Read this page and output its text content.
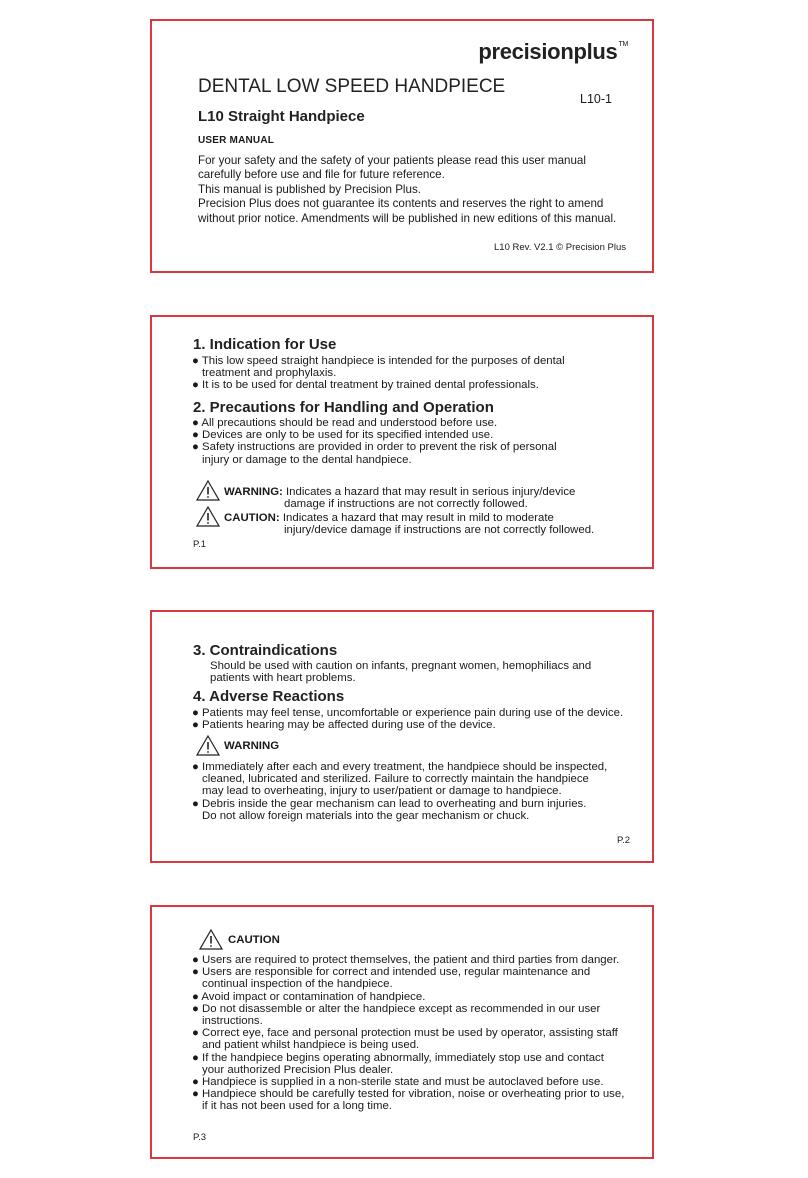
precisionplus™
DENTAL LOW SPEED HANDPIECE
L10-1
L10 Straight Handpiece
USER MANUAL
For your safety and the safety of your patients please read this user manual
carefully before use and file for future reference.
This manual is published by Precision Plus.
Precision Plus does not guarantee its contents and reserves the right to amend
without prior notice. Amendments will be published in new editions of this manual.
L10 Rev. V2.1 © Precision Plus
1. Indication for Use
● This low speed straight handpiece is intended for the purposes of dental
treatment and prophylaxis.
● It is to be used for dental treatment by trained dental professionals.
2. Precautions for Handling and Operation
● All precautions should be read and understood before use.
● Devices are only to be used for its specified intended use.
● Safety instructions are provided in order to prevent the risk of personal
injury or damage to the dental handpiece.
WARNING: Indicates a hazard that may result in serious injury/device
damage if instructions are not correctly followed.
CAUTION: Indicates a hazard that may result in mild to moderate
injury/device damage if instructions are not correctly followed.
P.1
3. Contraindications
Should be used with caution on infants, pregnant women, hemophiliacs and
patients with heart problems.
4. Adverse Reactions
● Patients may feel tense, uncomfortable or experience pain during use of the device.
● Patients hearing may be affected during use of the device.
WARNING
● Immediately after each and every treatment, the handpiece should be inspected,
cleaned, lubricated and sterilized. Failure to correctly maintain the handpiece
may lead to overheating, injury to user/patient or damage to handpiece.
● Debris inside the gear mechanism can lead to overheating and burn injuries.
Do not allow foreign materials into the gear mechanism or chuck.
P.2
CAUTION
● Users are required to protect themselves, the patient and third parties from danger.
● Users are responsible for correct and intended use, regular maintenance and
continual inspection of the handpiece.
● Avoid impact or contamination of handpiece.
● Do not disassemble or alter the handpiece except as recommended in our user
instructions.
● Correct eye, face and personal protection must be used by operator, assisting staff
and patient whilst handpiece is being used.
● If the handpiece begins operating abnormally, immediately stop use and contact
your authorized Precision Plus dealer.
● Handpiece is supplied in a non-sterile state and must be autoclaved before use.
● Handpiece should be carefully tested for vibration, noise or overheating prior to use,
if it has not been used for a long time.
P.3
